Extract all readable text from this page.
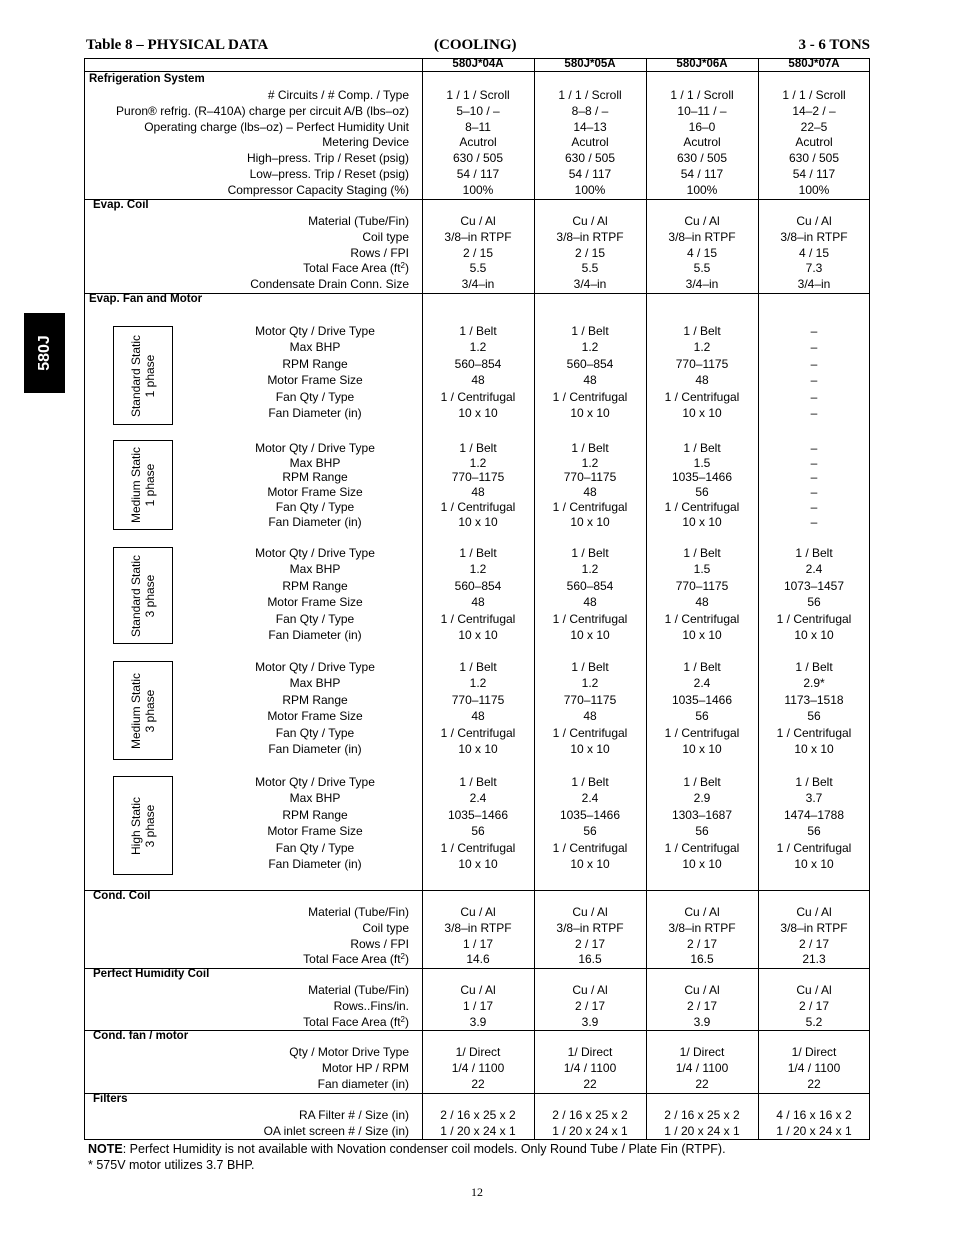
Table 8 – PHYSICAL DATA	(COOLING)	3 - 6 TONS
580J
580J*04A	580J*05A	580J*06A	580J*07A
Refrigeration System
# Circuits / # Comp. / Type	1 / 1 / Scroll	1 / 1 / Scroll	1 / 1 / Scroll	1 / 1 / Scroll
Puron® refrig. (R–410A) charge per circuit A/B (lbs–oz)	5–10 / –	8–8 / –	10–11 / –	14–2 / –
Operating charge (lbs–oz) – Perfect Humidity Unit	8–11	14–13	16–0	22–5
Metering Device	Acutrol	Acutrol	Acutrol	Acutrol
High–press. Trip / Reset (psig)	630 / 505	630 / 505	630 / 505	630 / 505
Low–press. Trip / Reset (psig)	54 / 117	54 / 117	54 / 117	54 / 117
Compressor Capacity Staging (%)	100%	100%	100%	100%
Evap. Coil
Material (Tube/Fin)	Cu / Al	Cu / Al	Cu / Al	Cu / Al
Coil type	3/8–in RTPF	3/8–in RTPF	3/8–in RTPF	3/8–in RTPF
Rows / FPI	2 / 15	2 / 15	4 / 15	4 / 15
Total Face Area $(ft^2)$	5.5	5.5	5.5	7.3
Condensate Drain Conn. Size	3/4–in	3/4–in	3/4–in	3/4–in
Evap. Fan and Motor
Standard Static 1 phase
Motor Qty / Drive Type	1 / Belt	1 / Belt	1 / Belt	–
Max BHP	1.2	1.2	1.2	–
RPM Range	560–854	560–854	770–1175	–
Motor Frame Size	48	48	48	–
Fan Qty / Type	1 / Centrifugal	1 / Centrifugal	1 / Centrifugal	–
Fan Diameter (in)	10 x 10	10 x 10	10 x 10	–
Medium Static 1 phase
Motor Qty / Drive Type	1 / Belt	1 / Belt	1 / Belt	–
Max BHP	1.2	1.2	1.5	–
RPM Range	770–1175	770–1175	1035–1466	–
Motor Frame Size	48	48	56	–
Fan Qty / Type	1 / Centrifugal	1 / Centrifugal	1 / Centrifugal	–
Fan Diameter (in)	10 x 10	10 x 10	10 x 10	–
Standard Static 3 phase
Motor Qty / Drive Type	1 / Belt	1 / Belt	1 / Belt	1 / Belt
Max BHP	1.2	1.2	1.5	2.4
RPM Range	560–854	560–854	770–1175	1073–1457
Motor Frame Size	48	48	48	56
Fan Qty / Type	1 / Centrifugal	1 / Centrifugal	1 / Centrifugal	1 / Centrifugal
Fan Diameter (in)	10 x 10	10 x 10	10 x 10	10 x 10
Medium Static 3 phase
Motor Qty / Drive Type	1 / Belt	1 / Belt	1 / Belt	1 / Belt
Max BHP	1.2	1.2	2.4	2.9*
RPM Range	770–1175	770–1175	1035–1466	1173–1518
Motor Frame Size	48	48	56	56
Fan Qty / Type	1 / Centrifugal	1 / Centrifugal	1 / Centrifugal	1 / Centrifugal
Fan Diameter (in)	10 x 10	10 x 10	10 x 10	10 x 10
High Static 3 phase
Motor Qty / Drive Type	1 / Belt	1 / Belt	1 / Belt	1 / Belt
Max BHP	2.4	2.4	2.9	3.7
RPM Range	1035–1466	1035–1466	1303–1687	1474–1788
Motor Frame Size	56	56	56	56
Fan Qty / Type	1 / Centrifugal	1 / Centrifugal	1 / Centrifugal	1 / Centrifugal
Fan Diameter (in)	10 x 10	10 x 10	10 x 10	10 x 10
Cond. Coil
Material (Tube/Fin)	Cu / Al	Cu / Al	Cu / Al	Cu / Al
Coil type	3/8–in RTPF	3/8–in RTPF	3/8–in RTPF	3/8–in RTPF
Rows / FPI	1 / 17	2 / 17	2 / 17	2 / 17
Total Face Area $(ft^2)$	14.6	16.5	16.5	21.3
Perfect Humidity Coil
Material (Tube/Fin)	Cu / Al	Cu / Al	Cu / Al	Cu / Al
Rows..Fins/in.	1 / 17	2 / 17	2 / 17	2 / 17
Total Face Area $(ft^2)$	3.9	3.9	3.9	5.2
Cond. fan / motor
Qty / Motor Drive Type	1/ Direct	1/ Direct	1/ Direct	1/ Direct
Motor HP / RPM	1/4 / 1100	1/4 / 1100	1/4 / 1100	1/4 / 1100
Fan diameter (in)	22	22	22	22
Filters
RA Filter # / Size (in)	2 / 16 x 25 x 2	2 / 16 x 25 x 2	2 / 16 x 25 x 2	4 / 16 x 16 x 2
OA inlet screen # / Size (in)	1 / 20 x 24 x 1	1 / 20 x 24 x 1	1 / 20 x 24 x 1	1 / 20 x 24 x 1
NOTE: Perfect Humidity is not available with Novation condenser coil models. Only Round Tube / Plate Fin (RTPF).
* 575V motor utilizes 3.7 BHP.
12
